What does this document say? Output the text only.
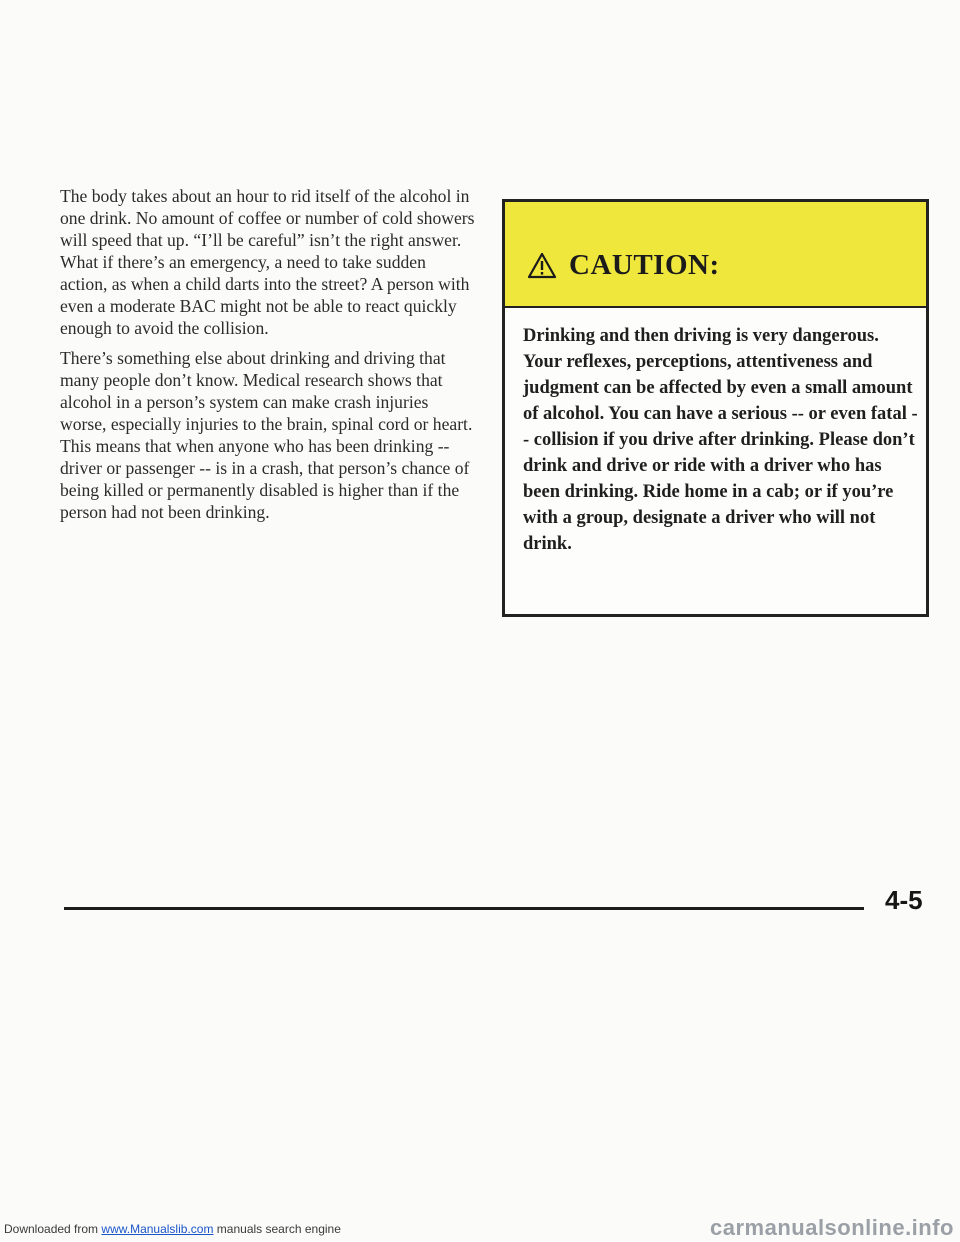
The body takes about an hour to rid itself of the alcohol in one drink. No amount of coffee or number of cold showers will speed that up. “I’ll be careful” isn’t the right answer. What if there’s an emergency, a need to take sudden action, as when a child darts into the street? A person with even a moderate BAC might not be able to react quickly enough to avoid the collision.

There’s something else about drinking and driving that many people don’t know. Medical research shows that alcohol in a person’s system can make crash injuries worse, especially injuries to the brain, spinal cord or heart. This means that when anyone who has been drinking -- driver or passenger -- is in a crash, that person’s chance of being killed or permanently disabled is higher than if the person had not been drinking.

CAUTION:
Drinking and then driving is very dangerous. Your reflexes, perceptions, attentiveness and judgment can be affected by even a small amount of alcohol. You can have a serious -- or even fatal -- collision if you drive after drinking. Please don’t drink and drive or ride with a driver who has been drinking. Ride home in a cab; or if you’re with a group, designate a driver who will not drink.
4-5
Downloaded from www.Manualslib.com manuals search engine	carmanualsonline.info
